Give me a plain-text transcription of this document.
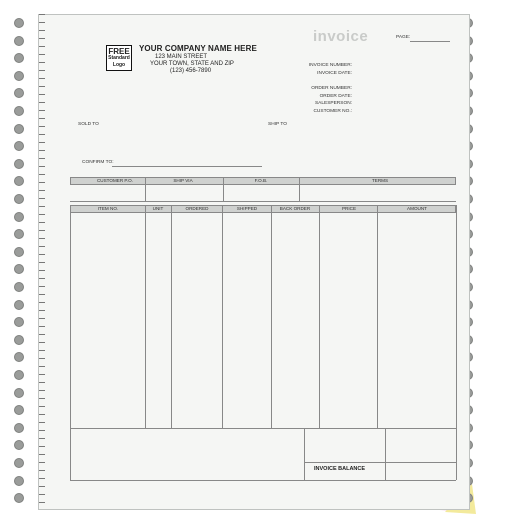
FREE
Standard
Logo
YOUR COMPANY NAME HERE
123 MAIN STREET
YOUR TOWN, STATE AND ZIP
(123) 456-7890
invoice	PAGE:
INVOICE NUMBER:
INVOICE DATE:
ORDER NUMBER:
ORDER DATE:
SALESPERSON:
CUSTOMER NO.:
SOLD TO	SHIP TO
CONFIRM TO:
CUSTOMER P.O.	SHIP VIA	F.O.B.	TERMS
ITEM NO.	UNIT	ORDERED	SHIPPED	BACK ORDER	PRICE	AMOUNT
INVOICE BALANCE
